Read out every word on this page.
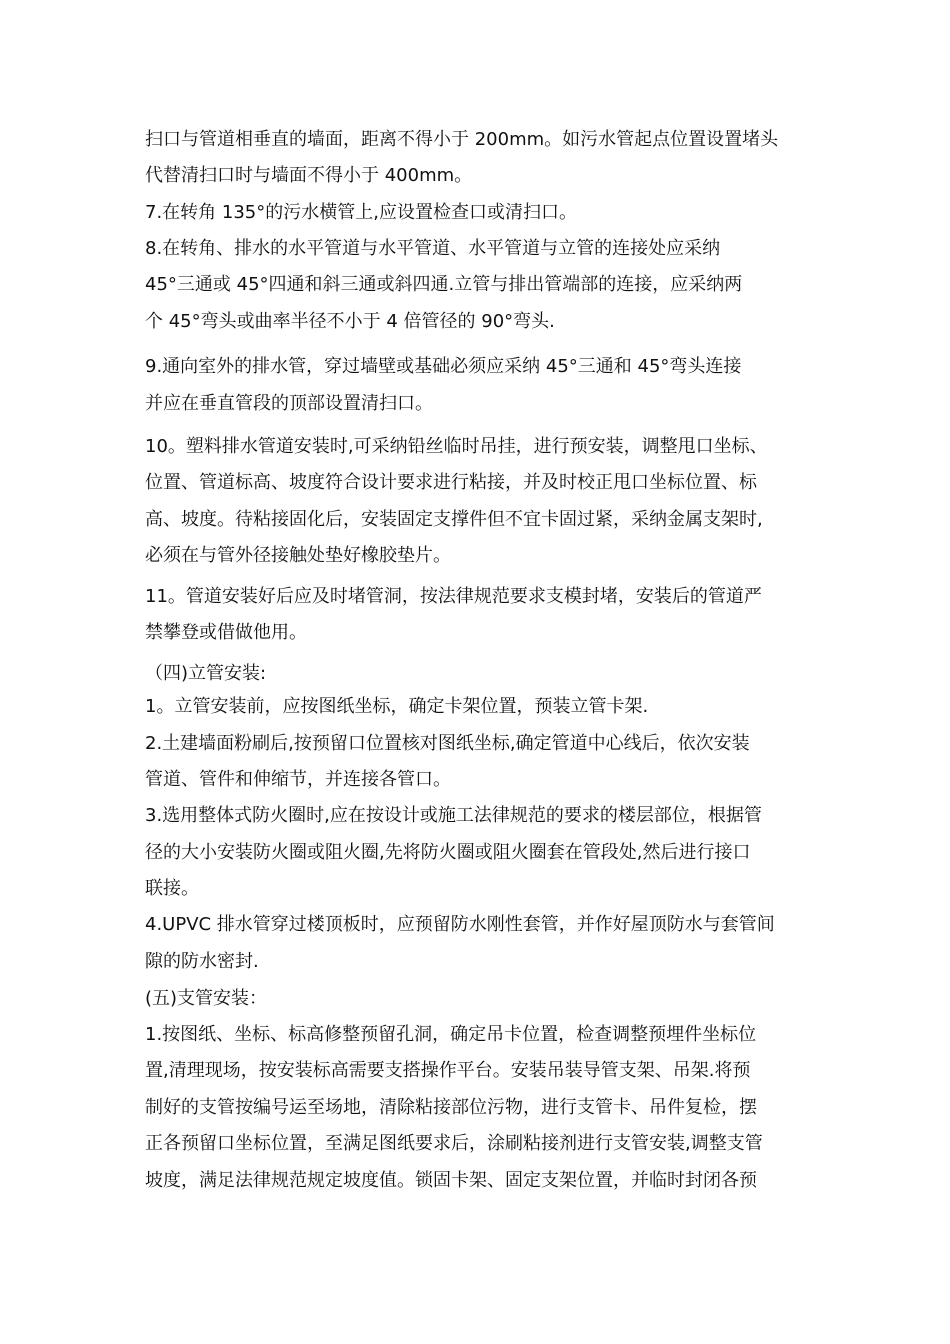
扫口与管道相垂直的墙面，距离不得小于 200mm。如污水管起点位置设置堵头

代替清扫口时与墙面不得小于 400mm。

7.在转角 135°的污水横管上,应设置检查口或清扫口。

8.在转角、排水的水平管道与水平管道、水平管道与立管的连接处应采纳

45°三通或 45°四通和斜三通或斜四通.立管与排出管端部的连接，应采纳两

个 45°弯头或曲率半径不小于 4 倍管径的 90°弯头.

9.通向室外的排水管，穿过墙壁或基础必须应采纳 45°三通和 45°弯头连接

并应在垂直管段的顶部设置清扫口。

10。塑料排水管道安装时,可采纳铅丝临时吊挂，进行预安装，调整甩口坐标、

位置、管道标高、坡度符合设计要求进行粘接，并及时校正甩口坐标位置、标

高、坡度。待粘接固化后，安装固定支撑件但不宜卡固过紧，采纳金属支架时,

必须在与管外径接触处垫好橡胶垫片。

11。管道安装好后应及时堵管洞，按法律规范要求支模封堵，安装后的管道严

禁攀登或借做他用。

（四)立管安装:

1。立管安装前，应按图纸坐标，确定卡架位置，预装立管卡架.

2.土建墙面粉刷后,按预留口位置核对图纸坐标,确定管道中心线后，依次安装

管道、管件和伸缩节，并连接各管口。

3.选用整体式防火圈时,应在按设计或施工法律规范的要求的楼层部位，根据管

径的大小安装防火圈或阻火圈,先将防火圈或阻火圈套在管段处,然后进行接口

联接。

4.UPVC 排水管穿过楼顶板时，应预留防水刚性套管，并作好屋顶防水与套管间

隙的防水密封.

(五)支管安装：

1.按图纸、坐标、标高修整预留孔洞，确定吊卡位置，检查调整预埋件坐标位

置,清理现场，按安装标高需要支搭操作平台。安装吊装导管支架、吊架.将预

制好的支管按编号运至场地，清除粘接部位污物，进行支管卡、吊件复检，摆

正各预留口坐标位置，至满足图纸要求后，涂刷粘接剂进行支管安装,调整支管

坡度，满足法律规范规定坡度值。锁固卡架、固定支架位置，并临时封闭各预
